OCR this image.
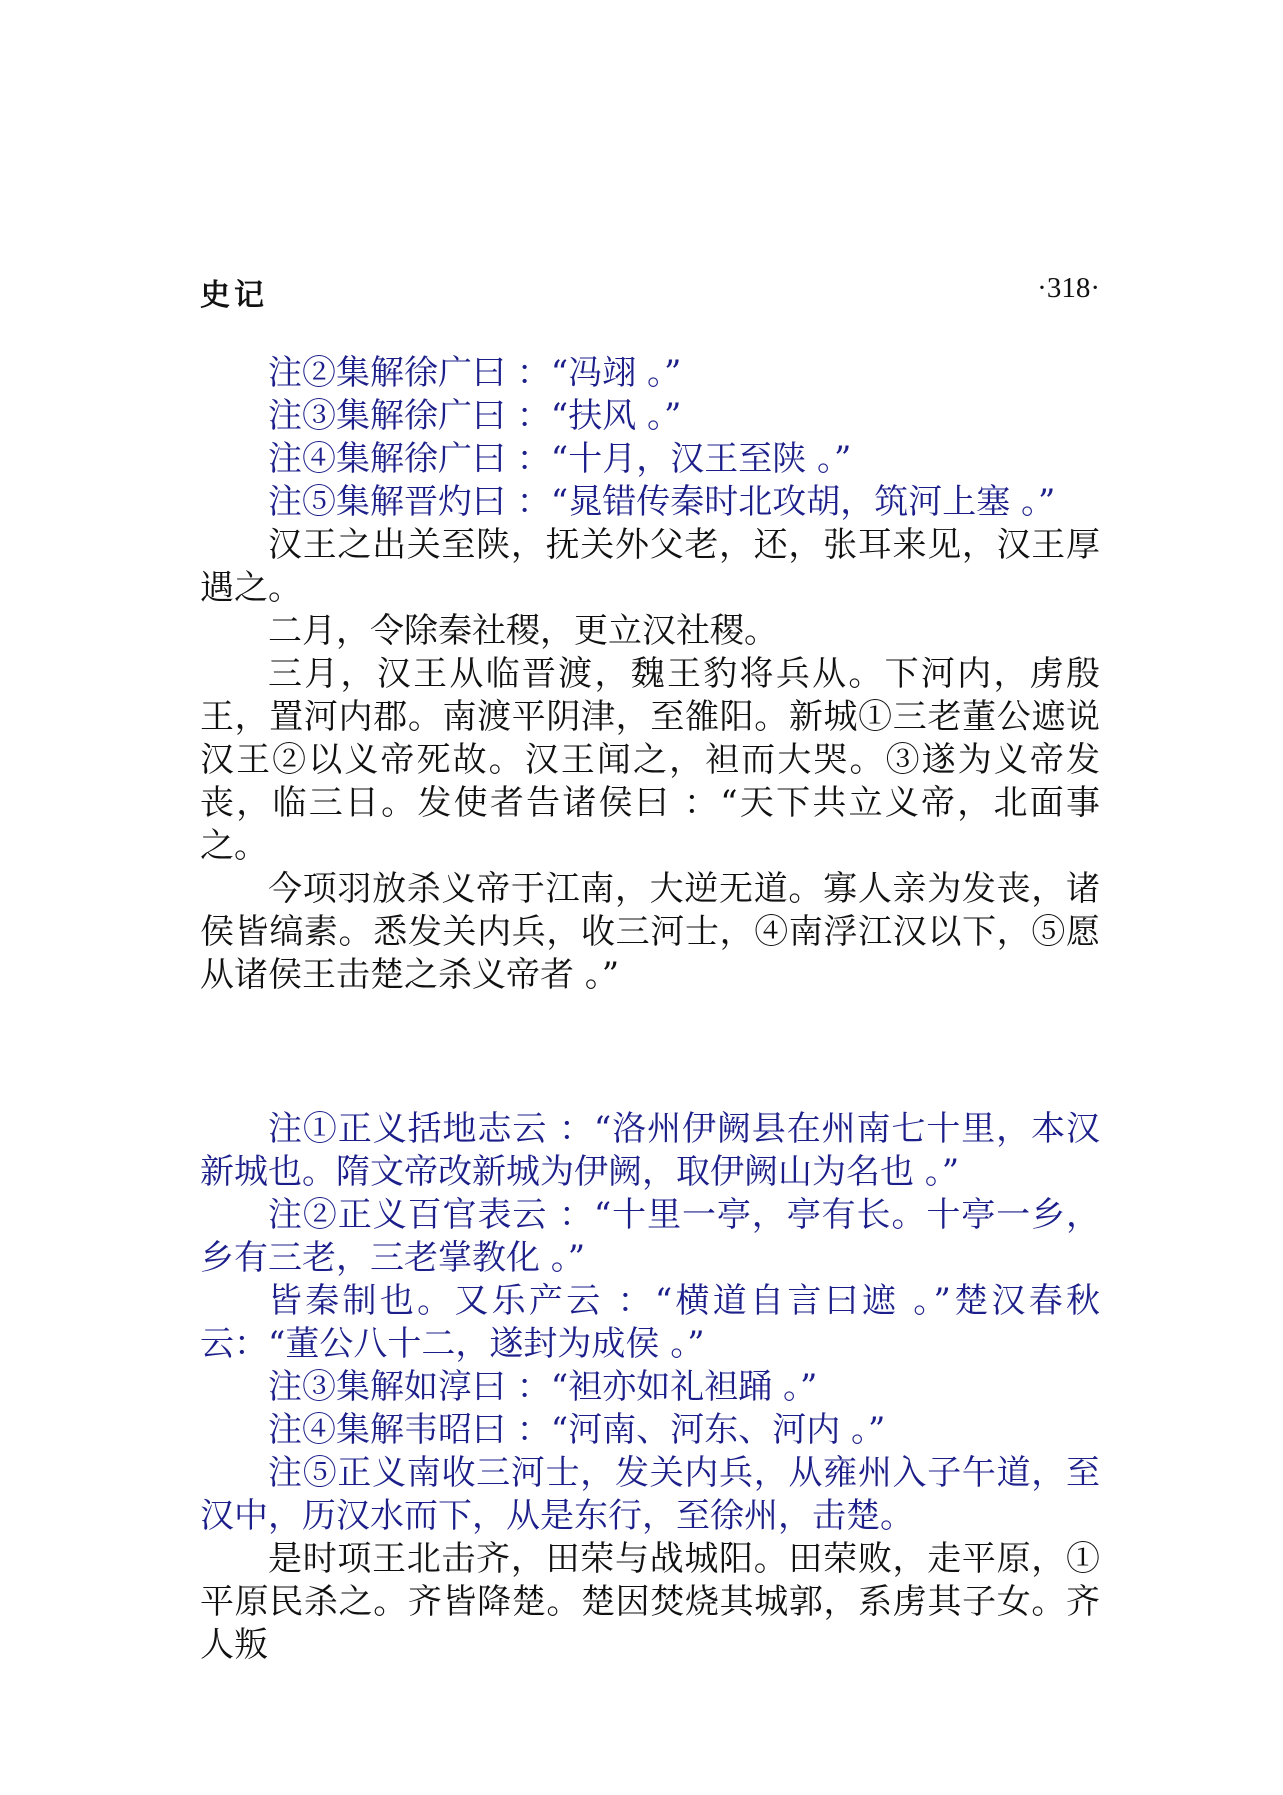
史记	·318·

注②集解徐广曰 ：“冯翊 。”

注③集解徐广曰 ：“扶风 。”

注④集解徐广曰 ：“十月，汉王至陕 。”

注⑤集解晋灼曰 ：“晁错传秦时北攻胡，筑河上塞 。”

汉王之出关至陕，抚关外父老，还，张耳来见，汉王厚遇之。

二月，令除秦社稷，更立汉社稷。

三月，汉王从临晋渡，魏王豹将兵从。下河内，虏殷王，置河内郡。南渡平阴津，至雒阳。新城①三老董公遮说汉王②以义帝死故。汉王闻之，袒而大哭。③遂为义帝发丧，临三日。发使者告诸侯曰 ：“天下共立义帝，北面事之。

今项羽放杀义帝于江南，大逆无道。寡人亲为发丧，诸侯皆缟素。悉发关内兵，收三河士，④南浮江汉以下，⑤愿从诸侯王击楚之杀义帝者 。”

注①正义括地志云 ：“洛州伊阙县在州南七十里，本汉新城也。隋文帝改新城为伊阙，取伊阙山为名也 。”

注②正义百官表云 ：“十里一亭，亭有长。十亭一乡，乡有三老，三老掌教化 。”

皆秦制也。又乐产云 ：“横道自言曰遮 。”楚汉春秋云：“董公八十二，遂封为成侯 。”

注③集解如淳曰 ：“袒亦如礼袒踊 。”

注④集解韦昭曰 ：“河南、河东、河内 。”

注⑤正义南收三河士，发关内兵，从雍州入子午道，至汉中，历汉水而下，从是东行，至徐州，击楚。

是时项王北击齐，田荣与战城阳。田荣败，走平原，①平原民杀之。齐皆降楚。楚因焚烧其城郭，系虏其子女。齐人叛
